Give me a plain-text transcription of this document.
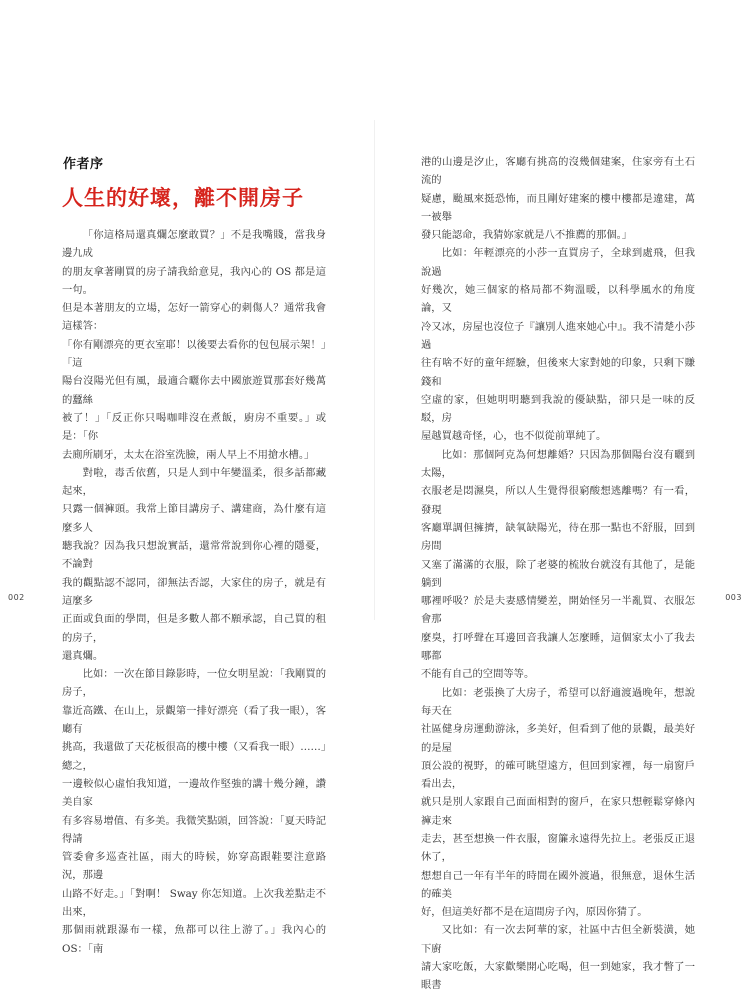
作者序
人生的好壞，離不開房子

「你這格局還真爛怎麼敢買？」不是我嘴賤，當我身邊九成
的朋友拿著剛買的房子請我給意見，我內心的 OS 都是這一句。
但是本著朋友的立場，怎好一箭穿心的刺傷人？通常我會這樣答：
「你有剛漂亮的更衣室耶！以後要去看你的包包展示架！」「這
陽台沒陽光但有風，最適合曬你去中國旅遊買那套好幾萬的蠶絲
被了！」「反正你只喝咖啡沒在煮飯，廚房不重要。」或是：「你
去廁所刷牙，太太在浴室洗臉，兩人早上不用搶水槽。」

對啦，毒舌依舊，只是人到中年變溫柔，很多話都藏起來，
只露一個褲頭。我常上節目講房子、講建商，為什麼有這麼多人
聽我說？因為我只想說實話，還常常說到你心裡的隱憂，不論對
我的觀點認不認同，卻無法否認，大家住的房子，就是有這麼多
正面或負面的學問，但是多數人都不願承認，自己買的租的房子，
還真爛。

比如：一次在節目錄影時，一位女明星說：「我剛買的房子，
靠近高鐵、在山上，景觀第一排好漂亮（看了我一眼），客廳有
挑高，我還做了天花板很高的樓中樓（又看我一眼）……」總之，
一邊較似心虛怕我知道，一邊故作堅強的講十幾分鐘，讚美自家
有多容易增值、有多美。我微笑點頭，回答說：「夏天時記得請
管委會多巡查社區，雨大的時候，妳穿高跟鞋要注意路況，那邊
山路不好走。」「對啊！ Sway 你怎知道。上次我差點走不出來，
那個雨就跟瀑布一樣，魚都可以往上游了。」我內心的 OS：「南

002

港的山邊是汐止，客廳有挑高的沒幾個建案，住家旁有土石流的
疑慮，颱風來挺恐怖，而且剛好建案的樓中樓都是違建，萬一被舉
發只能認命，我猜妳家就是八不推薦的那個。」

比如：年輕漂亮的小莎一直買房子，全球到處飛，但我說過
好幾次，她三個家的格局都不夠溫暖，以科學風水的角度論，又
冷又冰，房屋也沒位子『讓別人進來她心中』。我不清楚小莎過
往有啥不好的童年經驗，但後來大家對她的印象，只剩下賺錢和
空虛的家，但她明明聽到我說的優缺點，卻只是一味的反駁，房
屋越買越奇怪，心，也不似從前單純了。

比如：那個阿克為何想離婚？只因為那個陽台沒有曬到太陽，
衣服老是悶濕臭，所以人生覺得很窮酸想逃離嗎？有一看，發現
客廳單調但擁擠，缺氧缺陽光，待在那一點也不舒服，回到房間
又塞了滿滿的衣服，除了老婆的梳妝台就沒有其他了，是能躺到
哪裡呼吸？於是夫妻感情變差，開始怪另一半亂買、衣服怎會那
麼臭，打呼聲在耳邊回音我讓人怎麼睡，這個家太小了我去哪都
不能有自己的空間等等。

比如：老張換了大房子，希望可以舒適渡過晚年，想說每天在
社區健身房運動游泳，多美好，但看到了他的景觀，最美好的是屋
頂公設的視野，的確可眺望遠方，但回到家裡，每一扇窗戶看出去，
就只是別人家跟自己面面相對的窗戶，在家只想輕鬆穿條內褲走來
走去，甚至想換一件衣服，窗簾永遠得先拉上。老張反正退休了，
想想自己一年有半年的時間在國外渡過，很無意，退休生活的確美
好，但這美好都不是在這間房子內，原因你猜了。

又比如：有一次去阿華的家，社區中古但全新裝潢，她下廚
請大家吃飯，大家歡樂開心吃喝，但一到她家，我才瞥了一眼書

003
